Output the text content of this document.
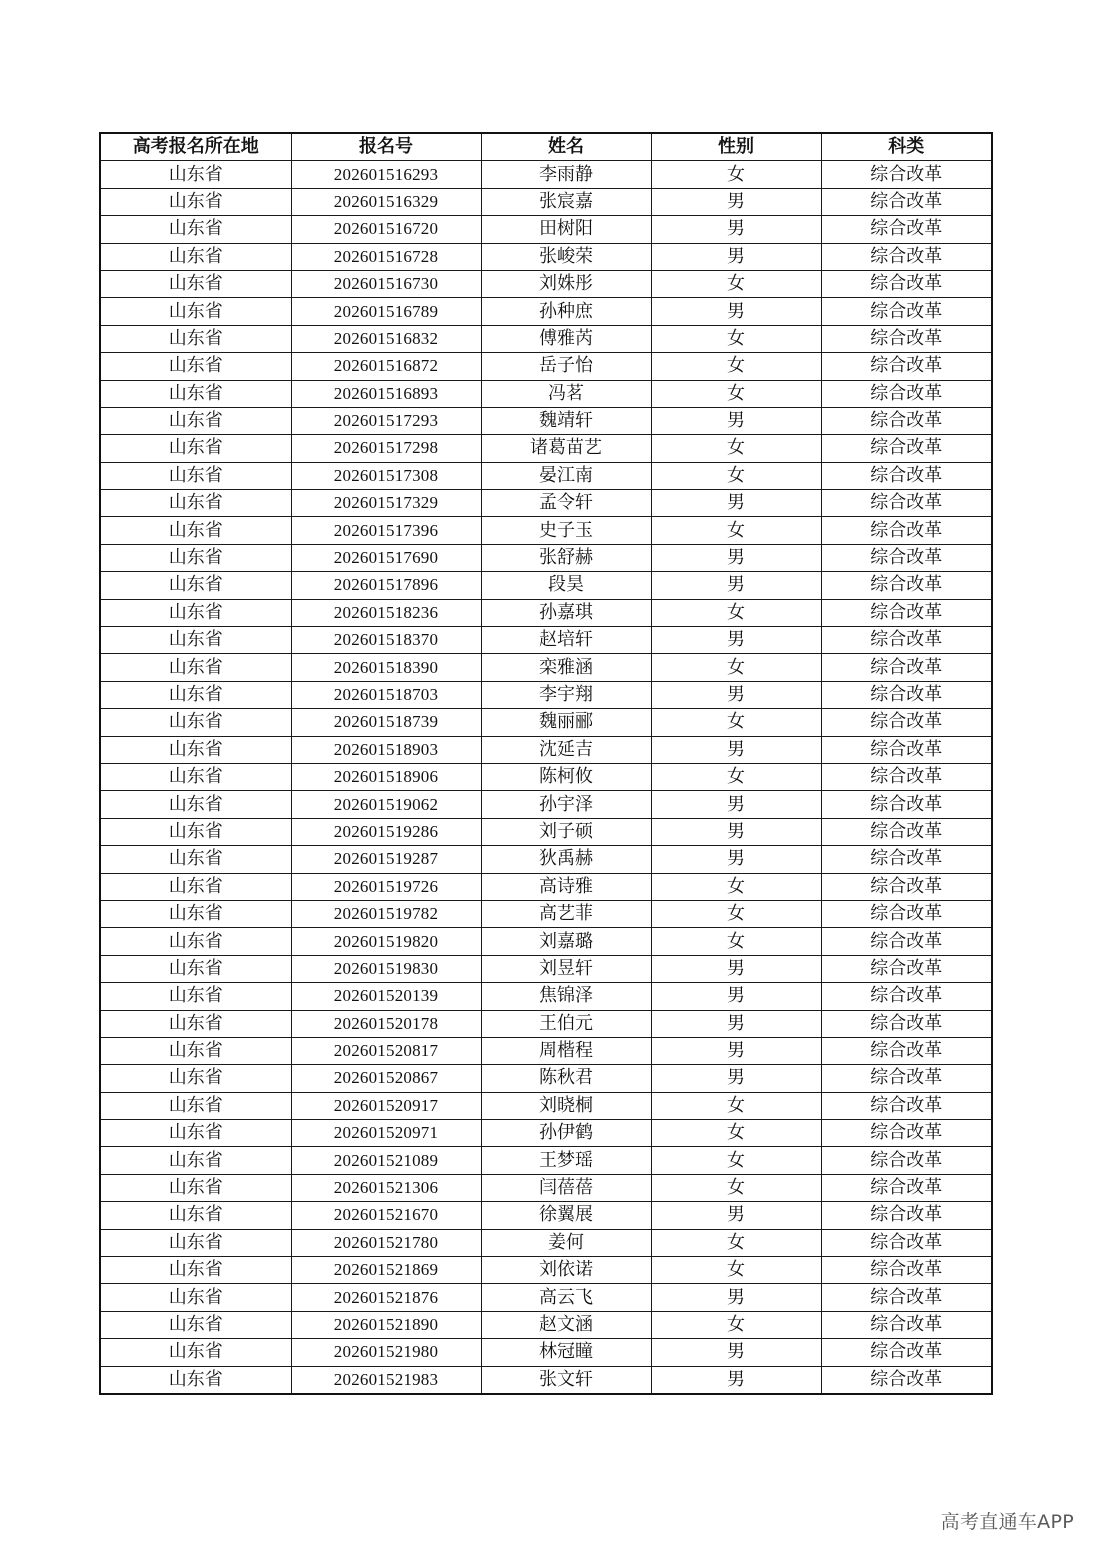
高考报名所在地	报名号	姓名	性别	科类
山东省	202601516293	李雨静	女	综合改革
山东省	202601516329	张宸嘉	男	综合改革
山东省	202601516720	田树阳	男	综合改革
山东省	202601516728	张峻荣	男	综合改革
山东省	202601516730	刘姝彤	女	综合改革
山东省	202601516789	孙种庶	男	综合改革
山东省	202601516832	傅雅芮	女	综合改革
山东省	202601516872	岳子怡	女	综合改革
山东省	202601516893	冯茗	女	综合改革
山东省	202601517293	魏靖轩	男	综合改革
山东省	202601517298	诸葛苗艺	女	综合改革
山东省	202601517308	晏江南	女	综合改革
山东省	202601517329	孟令轩	男	综合改革
山东省	202601517396	史子玉	女	综合改革
山东省	202601517690	张舒赫	男	综合改革
山东省	202601517896	段昊	男	综合改革
山东省	202601518236	孙嘉琪	女	综合改革
山东省	202601518370	赵培轩	男	综合改革
山东省	202601518390	栾雅涵	女	综合改革
山东省	202601518703	李宇翔	男	综合改革
山东省	202601518739	魏丽郦	女	综合改革
山东省	202601518903	沈延吉	男	综合改革
山东省	202601518906	陈柯攸	女	综合改革
山东省	202601519062	孙宇泽	男	综合改革
山东省	202601519286	刘子硕	男	综合改革
山东省	202601519287	狄禹赫	男	综合改革
山东省	202601519726	高诗雅	女	综合改革
山东省	202601519782	高艺菲	女	综合改革
山东省	202601519820	刘嘉璐	女	综合改革
山东省	202601519830	刘昱轩	男	综合改革
山东省	202601520139	焦锦泽	男	综合改革
山东省	202601520178	王伯元	男	综合改革
山东省	202601520817	周楷程	男	综合改革
山东省	202601520867	陈秋君	男	综合改革
山东省	202601520917	刘晓桐	女	综合改革
山东省	202601520971	孙伊鹤	女	综合改革
山东省	202601521089	王梦瑶	女	综合改革
山东省	202601521306	闫蓓蓓	女	综合改革
山东省	202601521670	徐翼展	男	综合改革
山东省	202601521780	姜何	女	综合改革
山东省	202601521869	刘依诺	女	综合改革
山东省	202601521876	高云飞	男	综合改革
山东省	202601521890	赵文涵	女	综合改革
山东省	202601521980	林冠瞳	男	综合改革
山东省	202601521983	张文轩	男	综合改革
高考直通车APP
